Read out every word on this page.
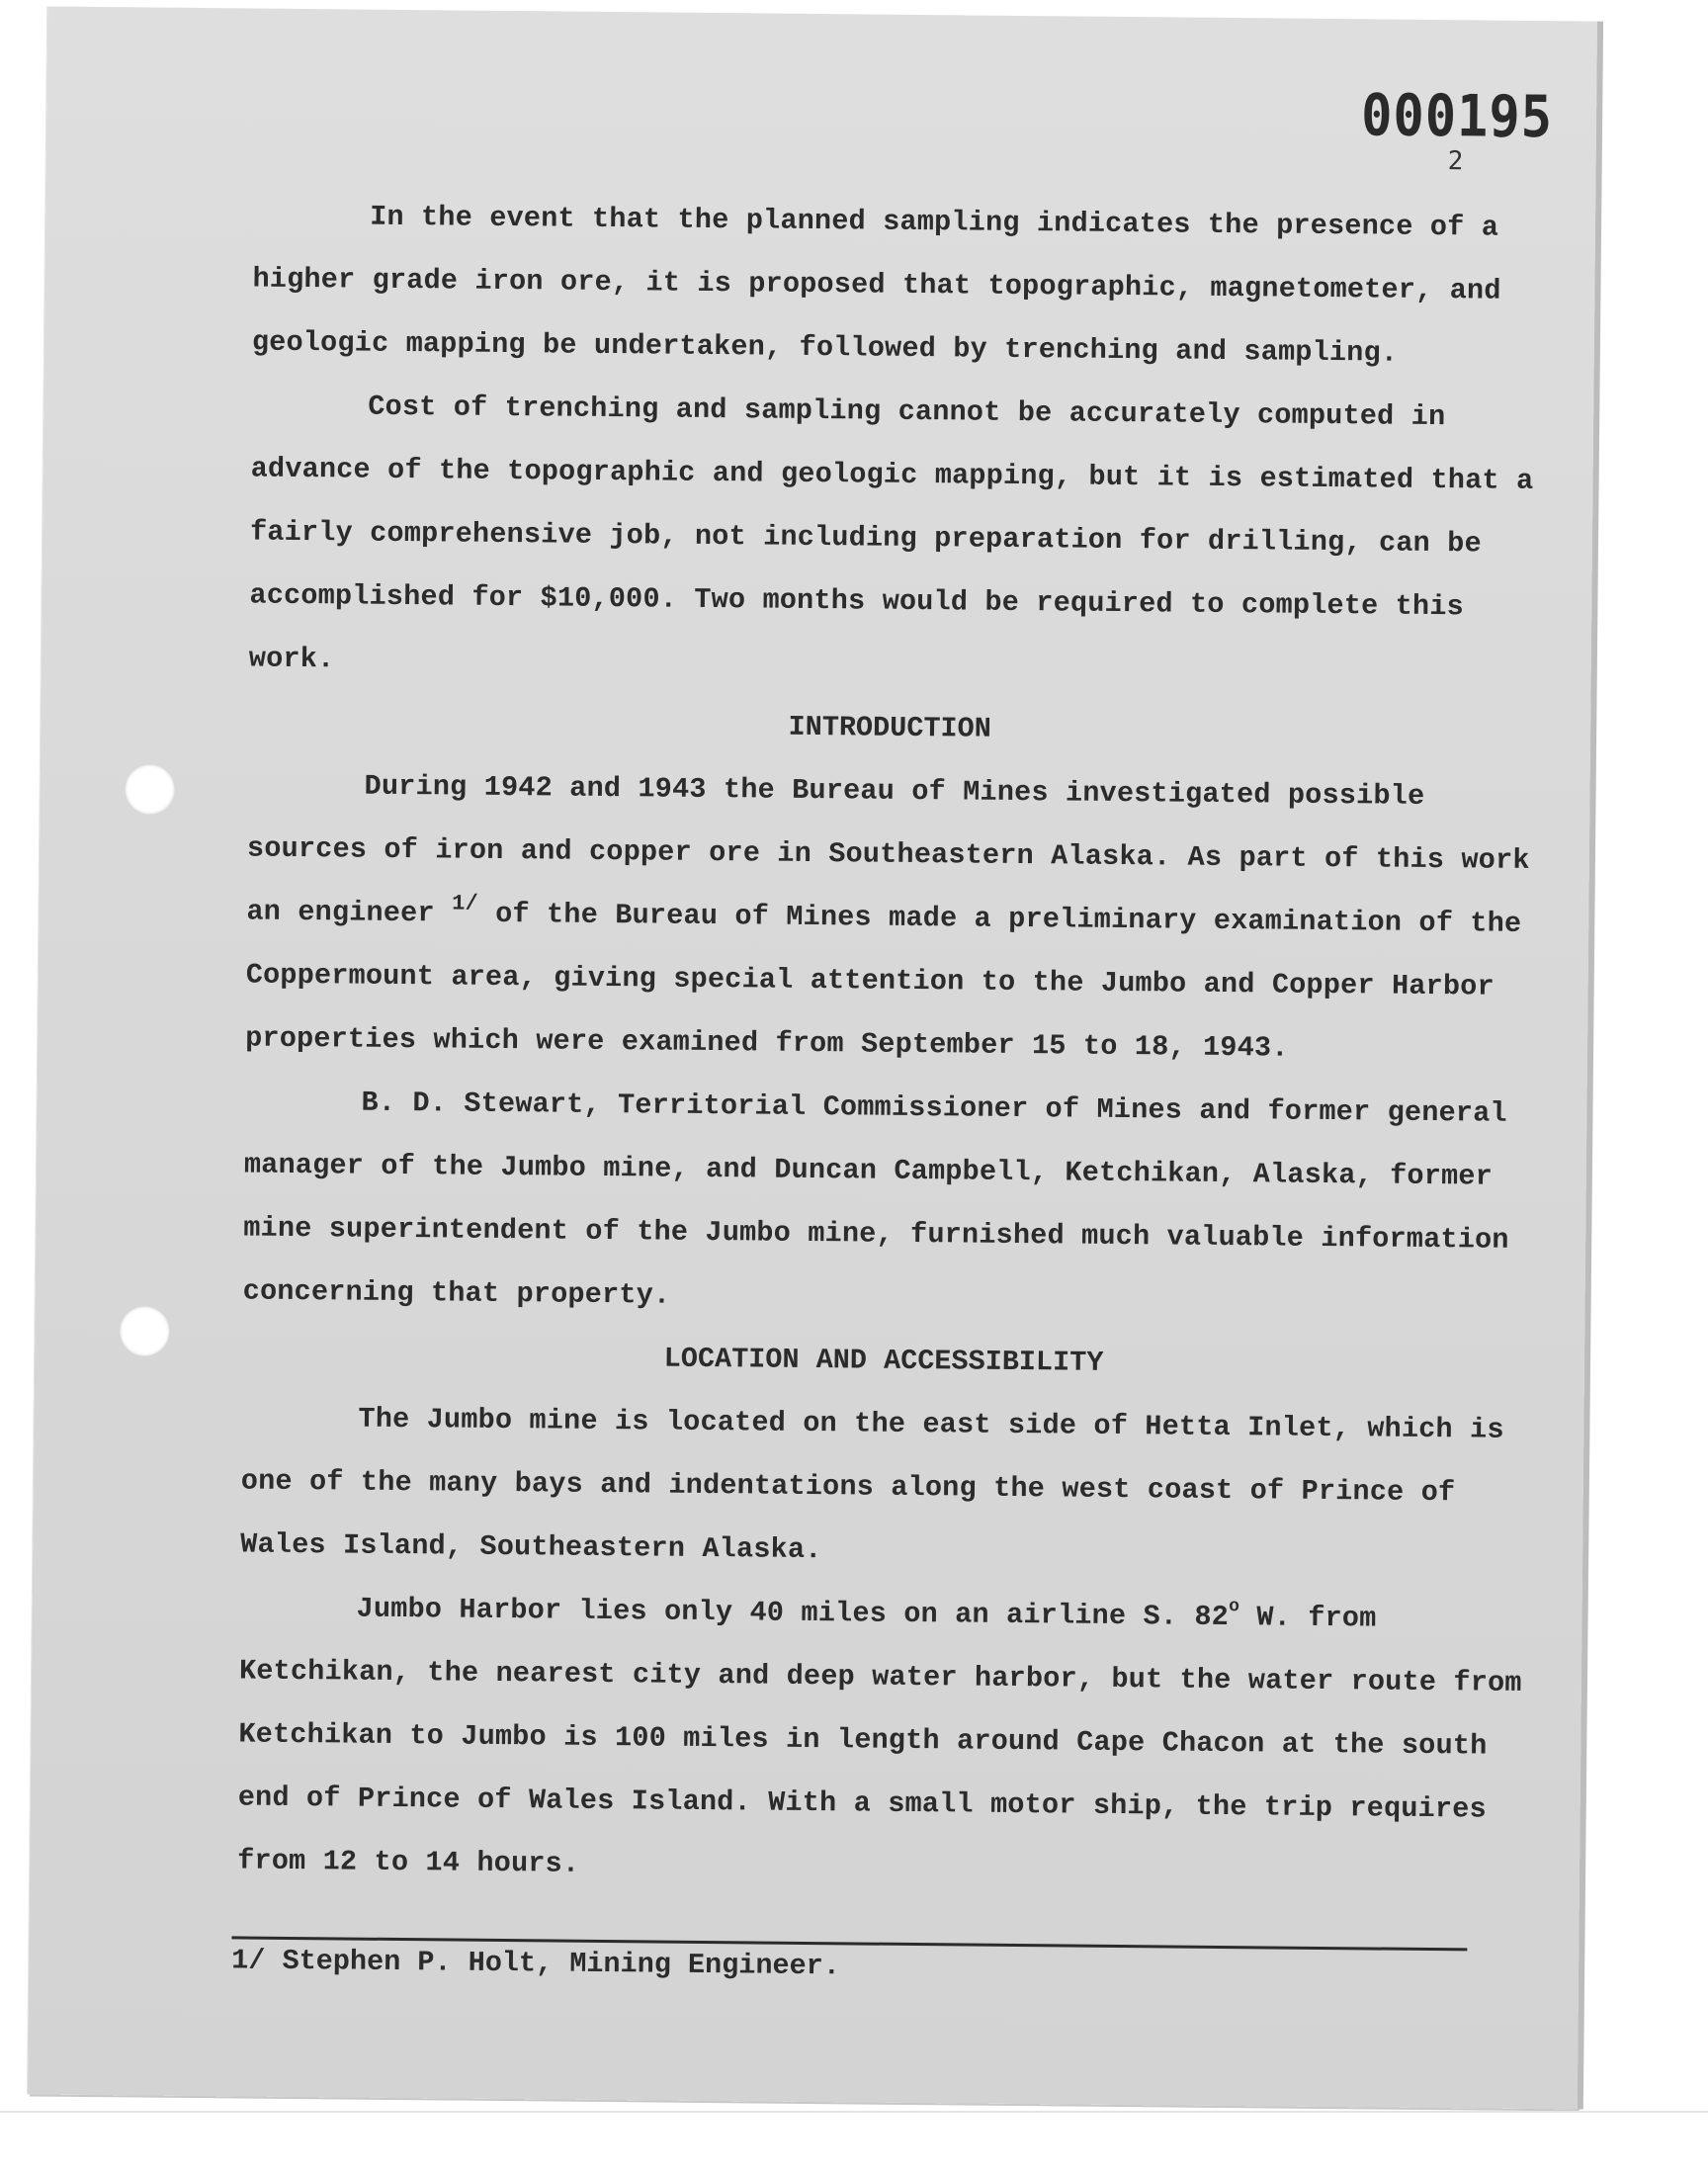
000195
2

In the event that the planned sampling indicates the presence of a higher grade iron ore, it is proposed that topographic, magnetometer, and geologic mapping be undertaken, followed by trenching and sampling.

Cost of trenching and sampling cannot be accurately computed in advance of the topographic and geologic mapping, but it is estimated that a fairly comprehensive job, not including preparation for drilling, can be accomplished for $10,000. Two months would be required to complete this work.

INTRODUCTION

During 1942 and 1943 the Bureau of Mines investigated possible sources of iron and copper ore in Southeastern Alaska. As part of this work an engineer $^{1/}$ of the Bureau of Mines made a preliminary examination of the Coppermount area, giving special attention to the Jumbo and Copper Harbor properties which were examined from September 15 to 18, 1943.

B. D. Stewart, Territorial Commissioner of Mines and former general manager of the Jumbo mine, and Duncan Campbell, Ketchikan, Alaska, former mine superintendent of the Jumbo mine, furnished much valuable information concerning that property.

LOCATION AND ACCESSIBILITY

The Jumbo mine is located on the east side of Hetta Inlet, which is one of the many bays and indentations along the west coast of Prince of Wales Island, Southeastern Alaska.

Jumbo Harbor lies only 40 miles on an airline S. 82$^o$ W. from Ketchikan, the nearest city and deep water harbor, but the water route from Ketchikan to Jumbo is 100 miles in length around Cape Chacon at the south end of Prince of Wales Island. With a small motor ship, the trip requires from 12 to 14 hours.

1/ Stephen P. Holt, Mining Engineer.
